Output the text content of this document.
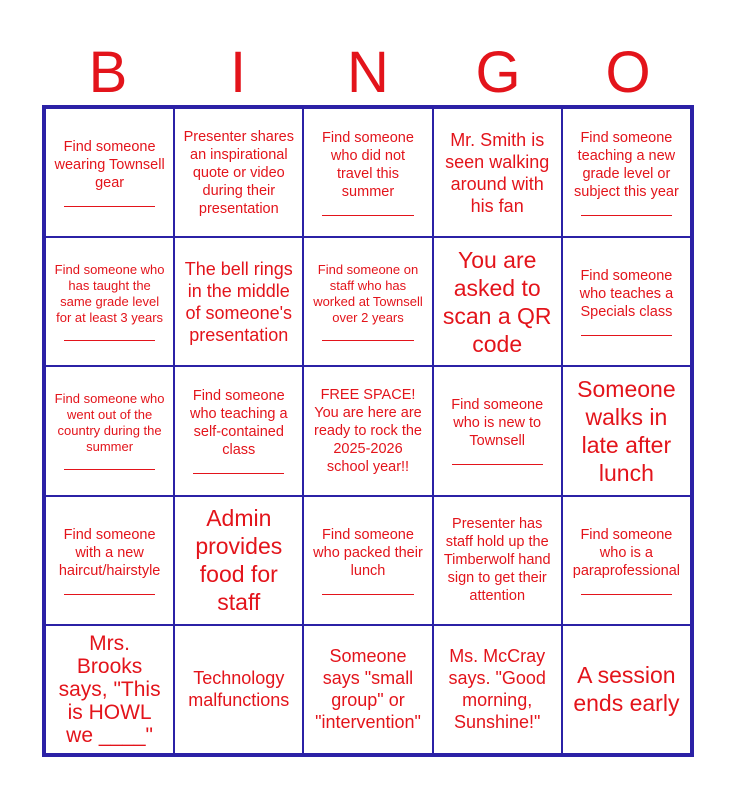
B	I	N	G	O
Find someone wearing Townsell gear
Presenter shares an inspirational quote or video during their presentation
Find someone who did not travel this summer
Mr. Smith is seen walking around with his fan
Find someone teaching a new grade level or subject this year
Find someone who has taught the same grade level for at least 3 years
The bell rings in the middle of someone's presentation
Find someone on staff who has worked at Townsell over 2 years
You are asked to scan a QR code
Find someone who teaches a Specials class
Find someone who went out of the country during the summer
Find someone who teaching a self-contained class
FREE SPACE! You are here are ready to rock the 2025-2026 school year!!
Find someone who is new to Townsell
Someone walks in late after lunch
Find someone with a new haircut/hairstyle
Admin provides food for staff
Find someone who packed their lunch
Presenter has staff hold up the Timberwolf hand sign to get their attention
Find someone who is a paraprofessional
Mrs. Brooks says, "This is HOWL we ____"
Technology malfunctions
Someone says "small group" or "intervention"
Ms. McCray says. "Good morning, Sunshine!"
A session ends early
